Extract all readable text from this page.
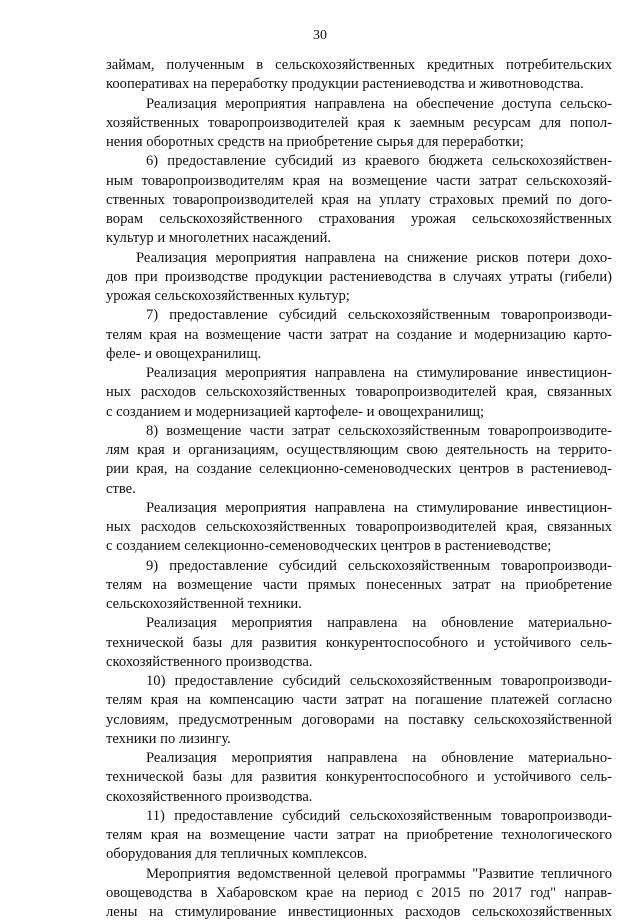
30
займам, полученным в сельскохозяйственных кредитных потребительских
кооперативах на переработку продукции растениеводства и животноводства.
Реализация мероприятия направлена на обеспечение доступа сельско-
хозяйственных товаропроизводителей края к заемным ресурсам для попол-
нения оборотных средств на приобретение сырья для переработки;
6) предоставление субсидий из краевого бюджета сельскохозяйствен-
ным товаропроизводителям края на возмещение части затрат сельскохозяй-
ственных товаропроизводителей края на уплату страховых премий по дого-
ворам сельскохозяйственного страхования урожая сельскохозяйственных
культур и многолетних насаждений.
Реализация мероприятия направлена на снижение рисков потери дохо-
дов при производстве продукции растениеводства в случаях утраты (гибели)
урожая сельскохозяйственных культур;
7) предоставление субсидий сельскохозяйственным товаропроизводи-
телям края на возмещение части затрат на создание и модернизацию карто-
феле- и овощехранилищ.
Реализация мероприятия направлена на стимулирование инвестицион-
ных расходов сельскохозяйственных товаропроизводителей края, связанных
с созданием и модернизацией картофеле- и овощехранилищ;
8) возмещение части затрат сельскохозяйственным товаропроизводите-
лям края и организациям, осуществляющим свою деятельность на террито-
рии края, на создание селекционно-семеноводческих центров в растениевод-
стве.
Реализация мероприятия направлена на стимулирование инвестицион-
ных расходов сельскохозяйственных товаропроизводителей края, связанных
с созданием селекционно-семеноводческих центров в растениеводстве;
9) предоставление субсидий сельскохозяйственным товаропроизводи-
телям на возмещение части прямых понесенных затрат на приобретение
сельскохозяйственной техники.
Реализация мероприятия направлена на обновление материально-
технической базы для развития конкурентоспособного и устойчивого сель-
скохозяйственного производства.
10) предоставление субсидий сельскохозяйственным товаропроизводи-
телям края на компенсацию части затрат на погашение платежей согласно
условиям, предусмотренным договорами на поставку сельскохозяйственной
техники по лизингу.
Реализация мероприятия направлена на обновление материально-
технической базы для развития конкурентоспособного и устойчивого сель-
скохозяйственного производства.
11) предоставление субсидий сельскохозяйственным товаропроизводи-
телям края на возмещение части затрат на приобретение технологического
оборудования для тепличных комплексов.
Мероприятия ведомственной целевой программы "Развитие тепличного
овощеводства в Хабаровском крае на период с 2015 по 2017 год" направ-
лены на стимулирование инвестиционных расходов сельскохозяйственных
